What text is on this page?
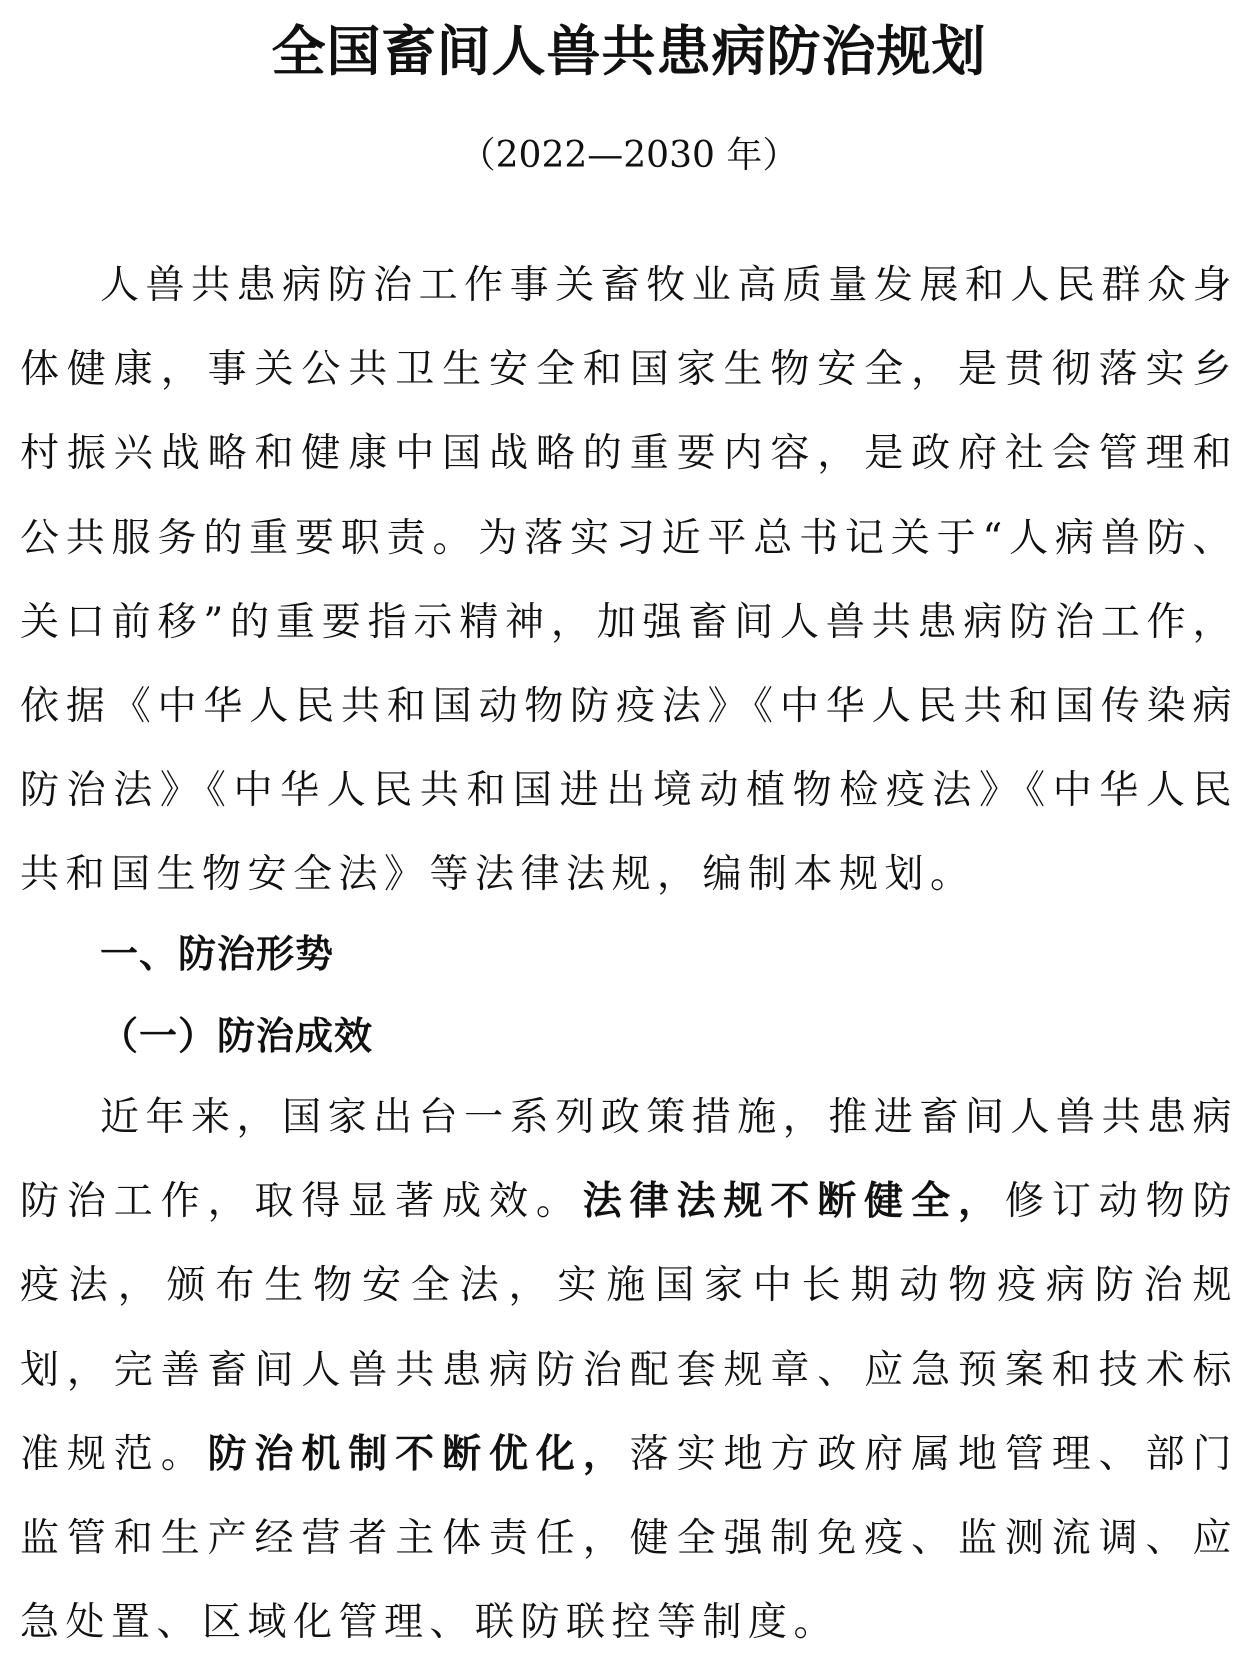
全国畜间人兽共患病防治规划
（2022—2030 年）

人兽共患病防治工作事关畜牧业高质量发展和人民群众身体健康，事关公共卫生安全和国家生物安全，是贯彻落实乡村振兴战略和健康中国战略的重要内容，是政府社会管理和公共服务的重要职责。为落实习近平总书记关于“人病兽防、关口前移”的重要指示精神，加强畜间人兽共患病防治工作，依据《中华人民共和国动物防疫法》《中华人民共和国传染病防治法》《中华人民共和国进出境动植物检疫法》《中华人民共和国生物安全法》等法律法规，编制本规划。

一、防治形势
（一）防治成效

近年来，国家出台一系列政策措施，推进畜间人兽共患病防治工作，取得显著成效。法律法规不断健全，修订动物防疫法，颁布生物安全法，实施国家中长期动物疫病防治规划，完善畜间人兽共患病防治配套规章、应急预案和技术标准规范。防治机制不断优化，落实地方政府属地管理、部门监管和生产经营者主体责任，健全强制免疫、监测流调、应急处置、区域化管理、联防联控等制度。
